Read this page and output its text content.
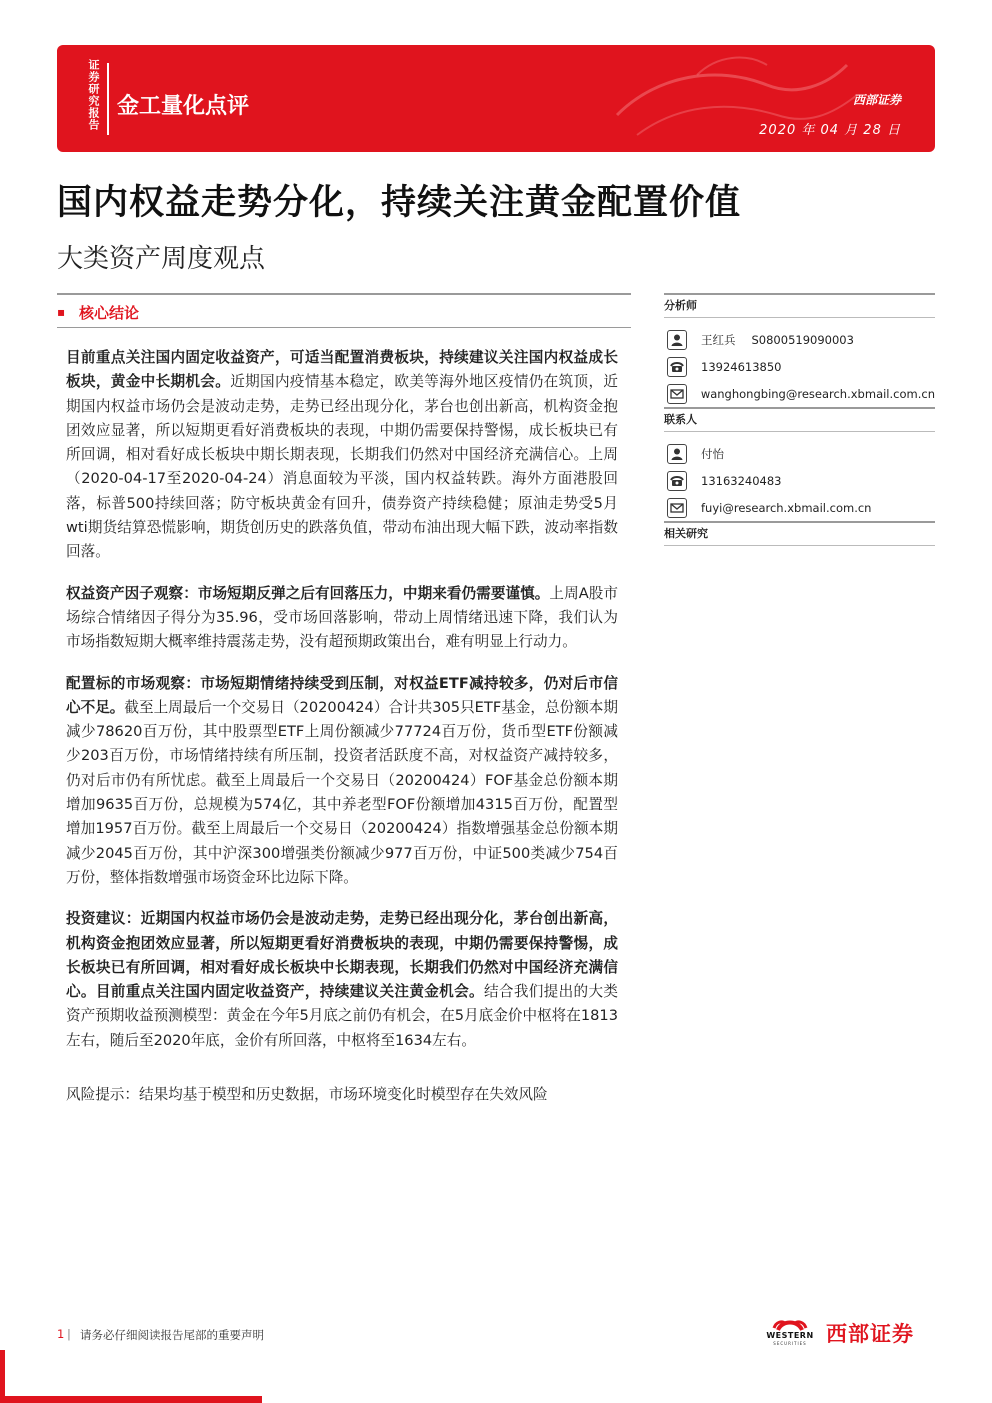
证券研究报告 金工量化点评	西部证券
2020 年 04 月 28 日
国内权益走势分化，持续关注黄金配置价值
大类资产周度观点
▪ 核心结论

目前重点关注国内固定收益资产，可适当配置消费板块，持续建议关注国内权益成长板块，黄金中长期机会。近期国内疫情基本稳定，欧美等海外地区疫情仍在筑顶，近期国内权益市场仍会是波动走势，走势已经出现分化，茅台也创出新高，机构资金抱团效应显著，所以短期更看好消费板块的表现，中期仍需要保持警惕，成长板块已有所回调，相对看好成长板块中期长期表现，长期我们仍然对中国经济充满信心。上周（2020-04-17至2020-04-24）消息面较为平淡，国内权益转跌。海外方面港股回落，标普500持续回落；防守板块黄金有回升，债券资产持续稳健；原油走势受5月wti期货结算恐慌影响，期货创历史的跌落负值，带动布油出现大幅下跌，波动率指数回落。

权益资产因子观察：市场短期反弹之后有回落压力，中期来看仍需要谨慎。上周A股市场综合情绪因子得分为35.96，受市场回落影响，带动上周情绪迅速下降，我们认为市场指数短期大概率维持震荡走势，没有超预期政策出台，难有明显上行动力。

配置标的市场观察：市场短期情绪持续受到压制，对权益ETF减持较多，仍对后市信心不足。截至上周最后一个交易日（20200424）合计共305只ETF基金，总份额本期减少78620百万份，其中股票型ETF上周份额减少77724百万份，货币型ETF份额减少203百万份，市场情绪持续有所压制，投资者活跃度不高，对权益资产减持较多，仍对后市仍有所忧虑。截至上周最后一个交易日（20200424）FOF基金总份额本期增加9635百万份，总规模为574亿，其中养老型FOF份额增加4315百万份，配置型增加1957百万份。截至上周最后一个交易日（20200424）指数增强基金总份额本期减少2045百万份，其中沪深300增强类份额减少977百万份，中证500类减少754百万份，整体指数增强市场资金环比边际下降。

投资建议：近期国内权益市场仍会是波动走势，走势已经出现分化，茅台创出新高，机构资金抱团效应显著，所以短期更看好消费板块的表现，中期仍需要保持警惕，成长板块已有所回调，相对看好成长板块中长期表现，长期我们仍然对中国经济充满信心。目前重点关注国内固定收益资产，持续建议关注黄金机会。结合我们提出的大类资产预期收益预测模型：黄金在今年5月底之前仍有机会，在5月底金价中枢将在1813左右，随后至2020年底，金价有所回落，中枢将至1634左右。

风险提示：结果均基于模型和历史数据，市场环境变化时模型存在失效风险

分析师
王红兵 S0800519090003
13924613850
wanghongbing@research.xbmail.com.cn
联系人
付怡
13163240483
fuyi@research.xbmail.com.cn
相关研究
1 | 请务必仔细阅读报告尾部的重要声明	WESTERN
SECURITIES 西部证券
